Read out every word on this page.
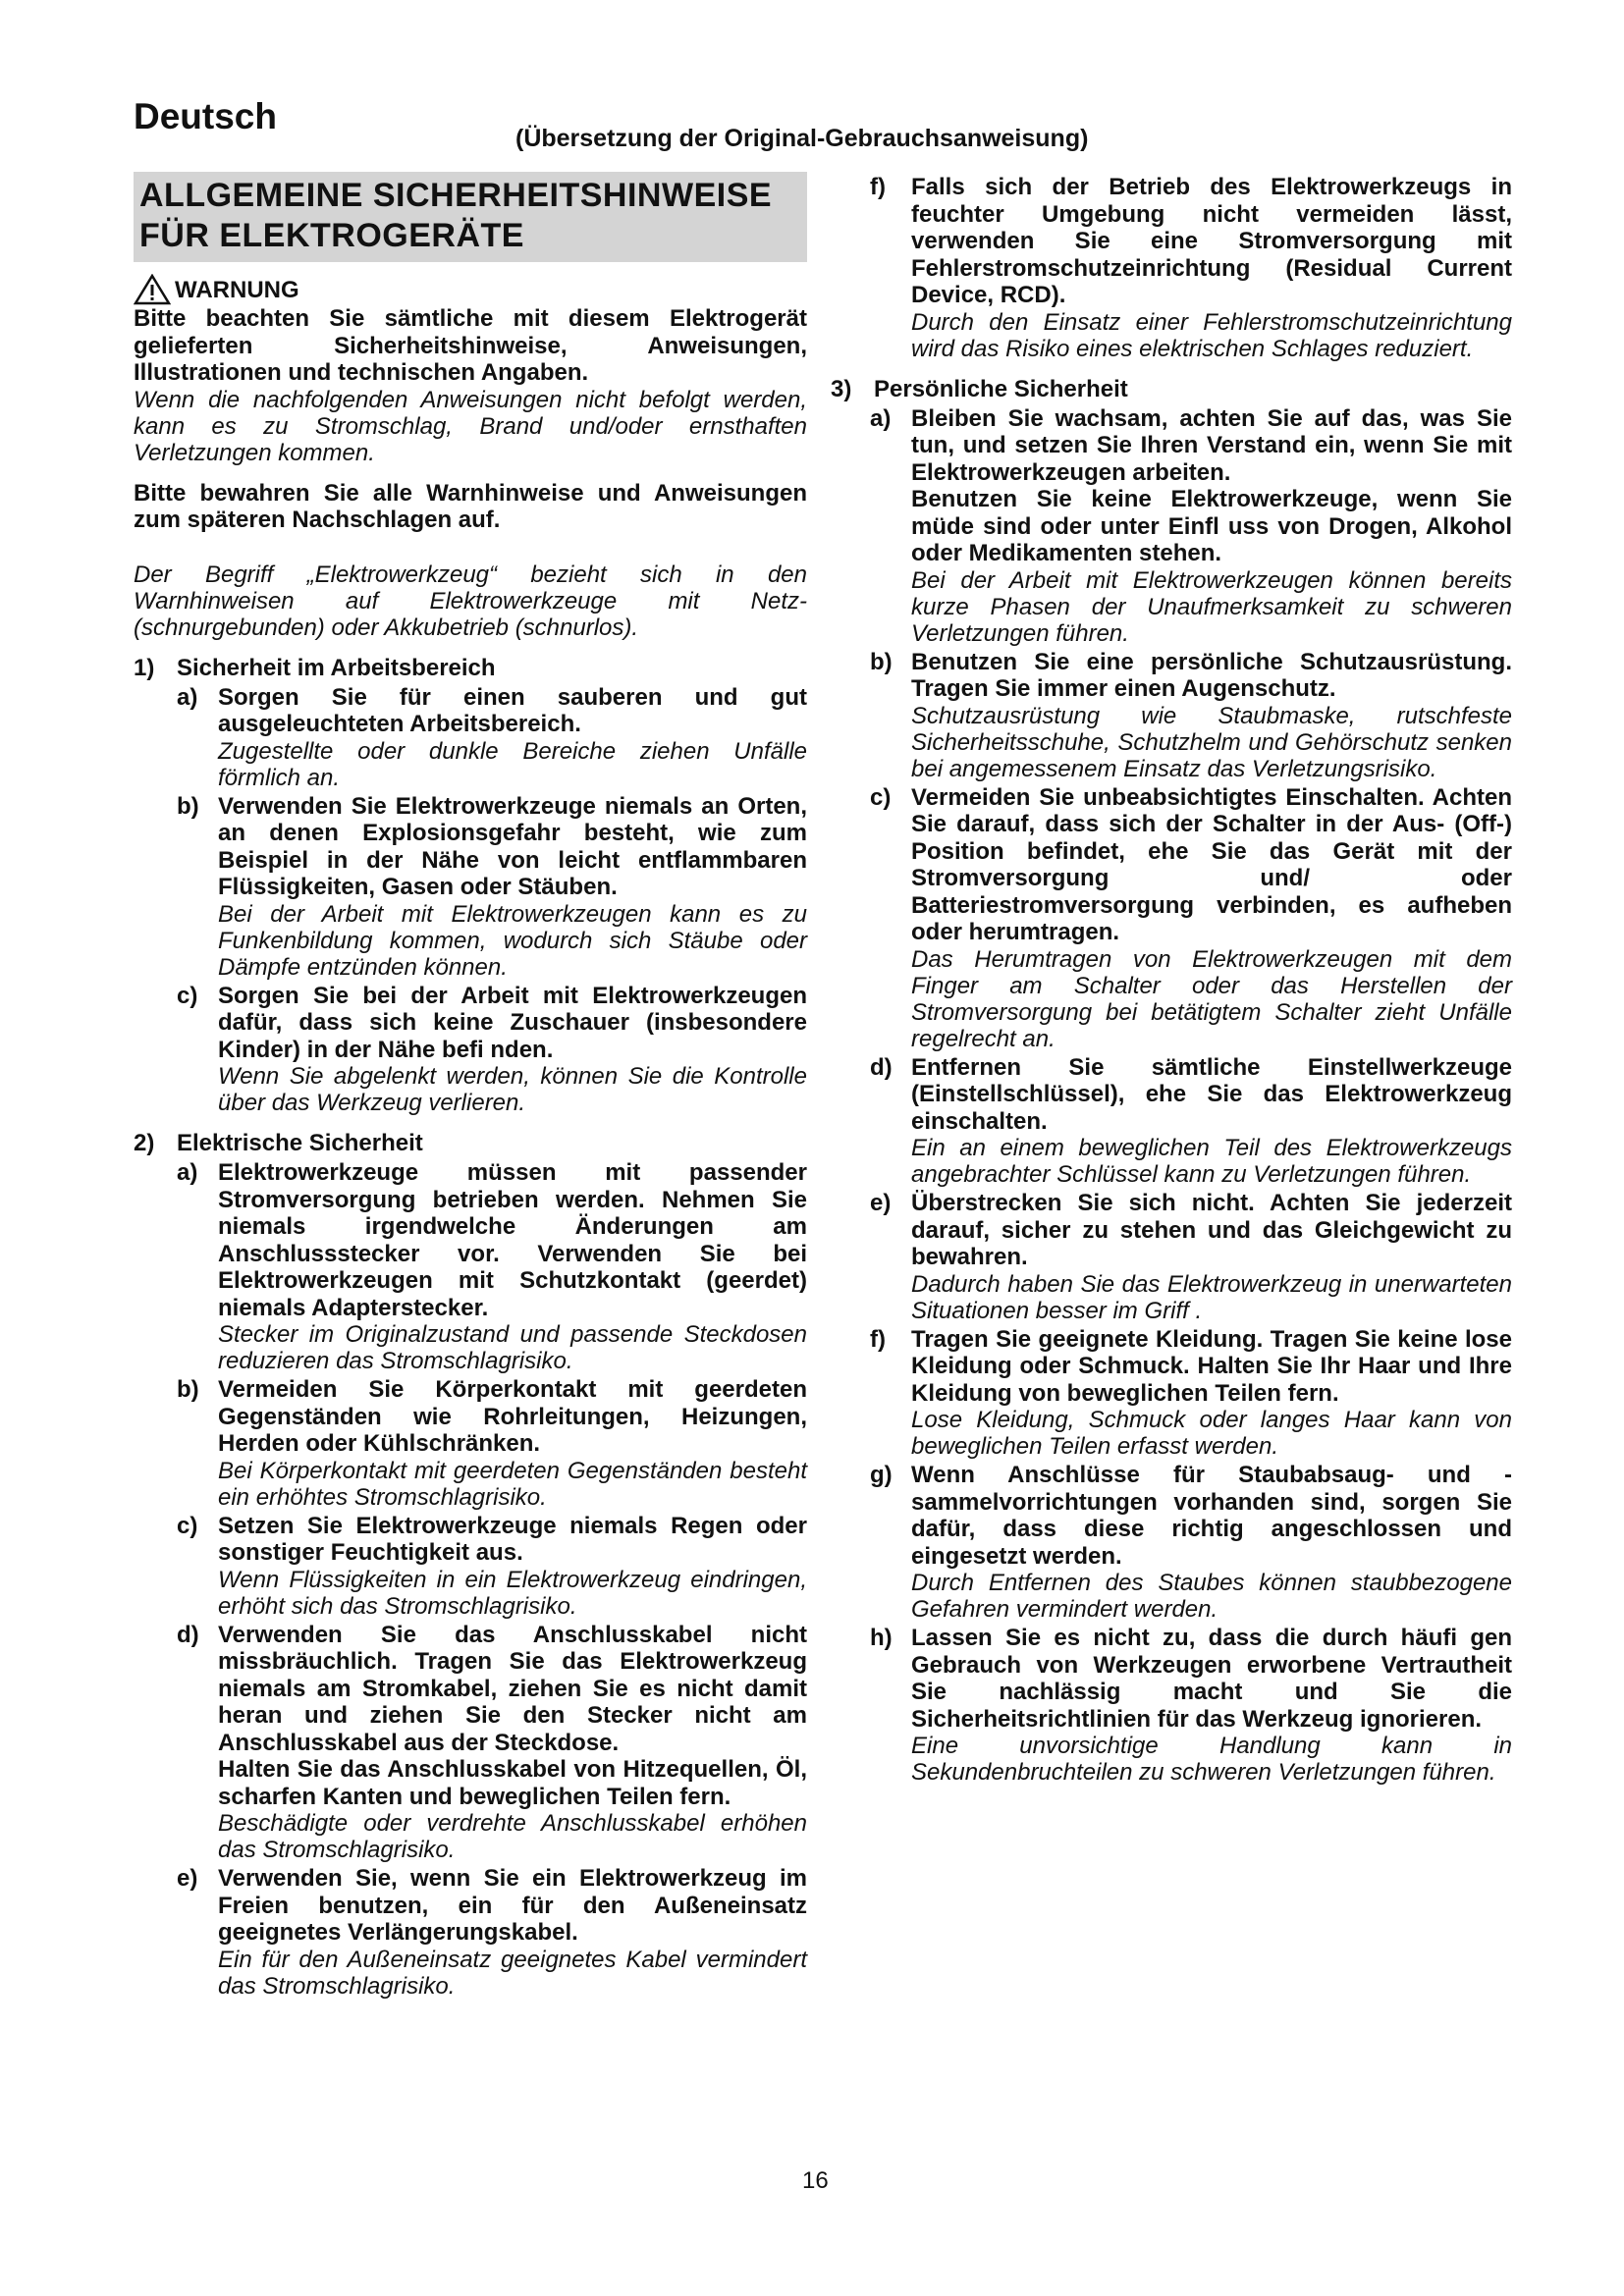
Deutsch
(Übersetzung der Original-Gebrauchsanweisung)
ALLGEMEINE SICHERHEITSHINWEISE FÜR ELEKTROGERÄTE
WARNUNG

Bitte beachten Sie sämtliche mit diesem Elektrogerät gelieferten Sicherheitshinweise, Anweisungen, Illustrationen und technischen Angaben.

Wenn die nachfolgenden Anweisungen nicht befolgt werden, kann es zu Stromschlag, Brand und/oder ernsthaften Verletzungen kommen.

Bitte bewahren Sie alle Warnhinweise und Anweisungen zum späteren Nachschlagen auf.

Der Begriff „Elektrowerkzeug“ bezieht sich in den Warnhinweisen auf Elektrowerkzeuge mit Netz- (schnurgebunden) oder Akkubetrieb (schnurlos).

1) Sicherheit im Arbeitsbereich
a) Sorgen Sie für einen sauberen und gut ausgeleuchteten Arbeitsbereich.

Zugestellte oder dunkle Bereiche ziehen Unfälle förmlich an.

b) Verwenden Sie Elektrowerkzeuge niemals an Orten, an denen Explosionsgefahr besteht, wie zum Beispiel in der Nähe von leicht entflammbaren Flüssigkeiten, Gasen oder Stäuben.

Bei der Arbeit mit Elektrowerkzeugen kann es zu Funkenbildung kommen, wodurch sich Stäube oder Dämpfe entzünden können.

c) Sorgen Sie bei der Arbeit mit Elektrowerkzeugen dafür, dass sich keine Zuschauer (insbesondere Kinder) in der Nähe befi nden.

Wenn Sie abgelenkt werden, können Sie die Kontrolle über das Werkzeug verlieren.

2) Elektrische Sicherheit
a) Elektrowerkzeuge müssen mit passender Stromversorgung betrieben werden. Nehmen Sie niemals irgendwelche Änderungen am Anschlussstecker vor. Verwenden Sie bei Elektrowerkzeugen mit Schutzkontakt (geerdet) niemals Adapterstecker.

Stecker im Originalzustand und passende Steckdosen reduzieren das Stromschlagrisiko.

b) Vermeiden Sie Körperkontakt mit geerdeten Gegenständen wie Rohrleitungen, Heizungen, Herden oder Kühlschränken.

Bei Körperkontakt mit geerdeten Gegenständen besteht ein erhöhtes Stromschlagrisiko.

c) Setzen Sie Elektrowerkzeuge niemals Regen oder sonstiger Feuchtigkeit aus.

Wenn Flüssigkeiten in ein Elektrowerkzeug eindringen, erhöht sich das Stromschlagrisiko.

d) Verwenden Sie das Anschlusskabel nicht missbräuchlich. Tragen Sie das Elektrowerkzeug niemals am Stromkabel, ziehen Sie es nicht damit heran und ziehen Sie den Stecker nicht am Anschlusskabel aus der Steckdose.

Halten Sie das Anschlusskabel von Hitzequellen, Öl, scharfen Kanten und beweglichen Teilen fern.

Beschädigte oder verdrehte Anschlusskabel erhöhen das Stromschlagrisiko.

e) Verwenden Sie, wenn Sie ein Elektrowerkzeug im Freien benutzen, ein für den Außeneinsatz geeignetes Verlängerungskabel.

Ein für den Außeneinsatz geeignetes Kabel vermindert das Stromschlagrisiko.

f)	Falls sich der Betrieb des Elektrowerkzeugs in feuchter Umgebung nicht vermeiden lässt, verwenden Sie eine Stromversorgung mit Fehlerstromschutzeinrichtung (Residual Current Device, RCD).

Durch den Einsatz einer Fehlerstromschutzeinrichtung wird das Risiko eines elektrischen Schlages reduziert.

3) Persönliche Sicherheit
a) Bleiben Sie wachsam, achten Sie auf das, was Sie tun, und setzen Sie Ihren Verstand ein, wenn Sie mit Elektrowerkzeugen arbeiten.

Benutzen Sie keine Elektrowerkzeuge, wenn Sie müde sind oder unter Einfl uss von Drogen, Alkohol oder Medikamenten stehen.

Bei der Arbeit mit Elektrowerkzeugen können bereits kurze Phasen der Unaufmerksamkeit zu schweren Verletzungen führen.

b) Benutzen Sie eine persönliche Schutzausrüstung. Tragen Sie immer einen Augenschutz.

Schutzausrüstung wie Staubmaske, rutschfeste Sicherheitsschuhe, Schutzhelm und Gehörschutz senken bei angemessenem Einsatz das Verletzungsrisiko.

c) Vermeiden Sie unbeabsichtigtes Einschalten. Achten Sie darauf, dass sich der Schalter in der Aus- (Off-) Position befindet, ehe Sie das Gerät mit der Stromversorgung und/ oder Batteriestromversorgung verbinden, es aufheben oder herumtragen.

Das Herumtragen von Elektrowerkzeugen mit dem Finger am Schalter oder das Herstellen der Stromversorgung bei betätigtem Schalter zieht Unfälle regelrecht an.

d) Entfernen Sie sämtliche Einstellwerkzeuge (Einstellschlüssel), ehe Sie das Elektrowerkzeug einschalten.

Ein an einem beweglichen Teil des Elektrowerkzeugs angebrachter Schlüssel kann zu Verletzungen führen.

e) Überstrecken Sie sich nicht. Achten Sie jederzeit darauf, sicher zu stehen und das Gleichgewicht zu bewahren.

Dadurch haben Sie das Elektrowerkzeug in unerwarteten Situationen besser im Griff .

f)	Tragen Sie geeignete Kleidung. Tragen Sie keine lose Kleidung oder Schmuck. Halten Sie Ihr Haar und Ihre Kleidung von beweglichen Teilen fern.

Lose Kleidung, Schmuck oder langes Haar kann von beweglichen Teilen erfasst werden.

g) Wenn Anschlüsse für Staubabsaug- und -sammelvorrichtungen vorhanden sind, sorgen Sie dafür, dass diese richtig angeschlossen und eingesetzt werden.

Durch Entfernen des Staubes können staubbezogene Gefahren vermindert werden.

h) Lassen Sie es nicht zu, dass die durch häufi gen Gebrauch von Werkzeugen erworbene Vertrautheit Sie nachlässig macht und Sie die Sicherheitsrichtlinien für das Werkzeug ignorieren.

Eine unvorsichtige Handlung kann in Sekundenbruchteilen zu schweren Verletzungen führen.

16
